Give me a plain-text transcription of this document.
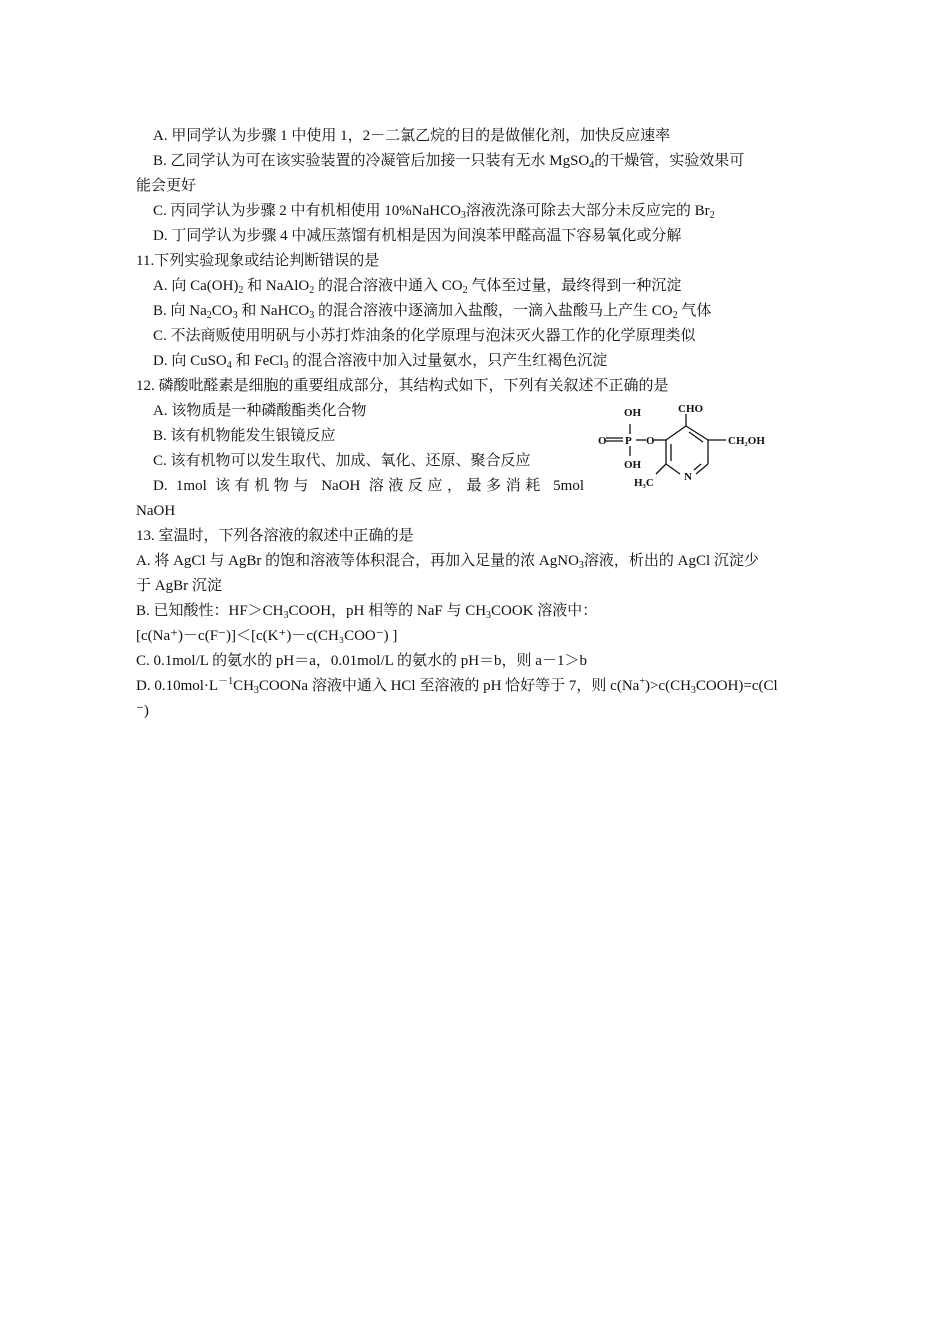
A. 甲同学认为步骤 1 中使用 1，2－二氯乙烷的目的是做催化剂，加快反应速率
B. 乙同学认为可在该实验装置的冷凝管后加接一只装有无水 MgSO$_4$的干燥管，实验效果可
能会更好
C. 丙同学认为步骤 2 中有机相使用 10%NaHCO$_3$溶液洗涤可除去大部分未反应完的 $Br_2$
D. 丁同学认为步骤 4 中减压蒸馏有机相是因为间溴苯甲醛高温下容易氧化或分解
11.下列实验现象或结论判断错误的是
A. 向 $Ca(OH)_2$ 和 NaAlO$_2$ 的混合溶液中通入 $CO_2$ 气体至过量，最终得到一种沉淀
B. 向 $Na_2CO_3$ 和 NaHCO$_3$ 的混合溶液中逐滴加入盐酸，一滴入盐酸马上产生 $CO_2$ 气体
C. 不法商贩使用明矾与小苏打炸油条的化学原理与泡沫灭火器工作的化学原理类似
D. 向 CuSO$_4$ 和 FeCl$_3$ 的混合溶液中加入过量氨水，只产生红褐色沉淀
12. 磷酸吡醛素是细胞的重要组成部分，其结构式如下，下列有关叙述不正确的是
A. 该物质是一种磷酸酯类化合物
B. 该有机物能发生银镜反应
C. 该有机物可以发生取代、加成、氧化、还原、聚合反应
D. 1mol 该有机物与 NaOH 溶液反应，最多消耗 5mol
NaOH
OH
O P O
OH
CHO
CH₂OH
H₃C	N
13. 室温时，下列各溶液的叙述中正确的是
A. 将 AgCl 与 AgBr 的饱和溶液等体积混合，再加入足量的浓 AgNO$_3$溶液，析出的 AgCl 沉淀少
于 AgBr 沉淀
B. 已知酸性：$HF>CH_3COOH$，pH 相等的 NaF 与 $CH_3COOK$ 溶液中：
[c(Na⁺)－c(F⁻)]＜[c(K⁺)－c(CH₃COO⁻) ]
C. 0.1mol/L 的氨水的 pH＝a，0.01mol/L 的氨水的 pH＝b，则 a－1＞b
D. $0.10mol\cdot L^{-1}CH_3COONa$ 溶液中通入 HCl 至溶液的 pH 恰好等于 7，则 $c(Na^+)>c(CH_3COOH)=c(Cl$
⁻)
